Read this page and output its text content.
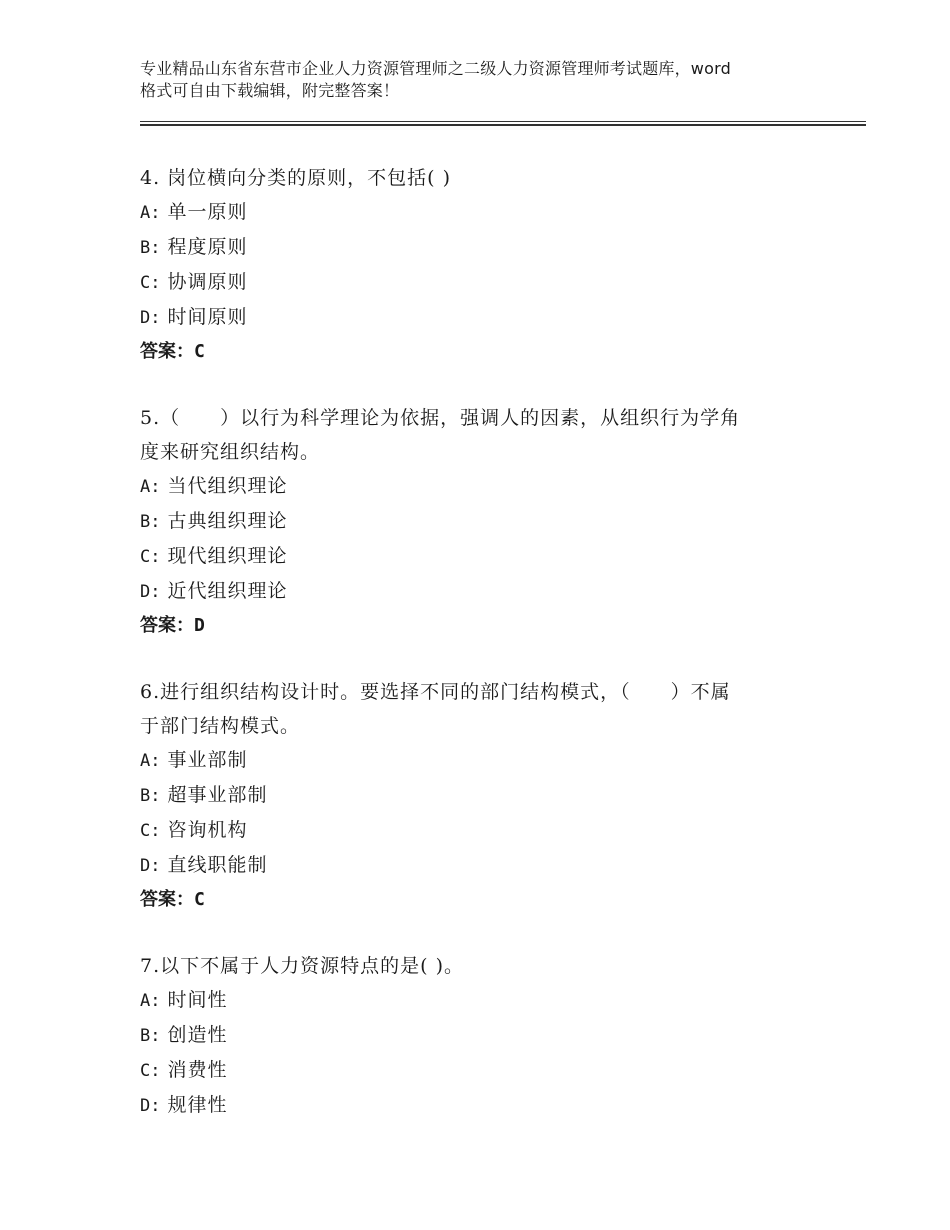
专业精品山东省东营市企业人力资源管理师之二级人力资源管理师考试题库，word
格式可自由下载编辑，附完整答案！
4. 岗位横向分类的原则，不包括( )
A: 单一原则
B: 程度原则
C: 协调原则
D: 时间原则
答案：C
5.（　　）以行为科学理论为依据，强调人的因素，从组织行为学角
度来研究组织结构。
A: 当代组织理论
B: 古典组织理论
C: 现代组织理论
D: 近代组织理论
答案：D
6.进行组织结构设计时。要选择不同的部门结构模式，（　　）不属
于部门结构模式。
A: 事业部制
B: 超事业部制
C: 咨询机构
D: 直线职能制
答案：C
7.以下不属于人力资源特点的是( )。
A: 时间性
B: 创造性
C: 消费性
D: 规律性
